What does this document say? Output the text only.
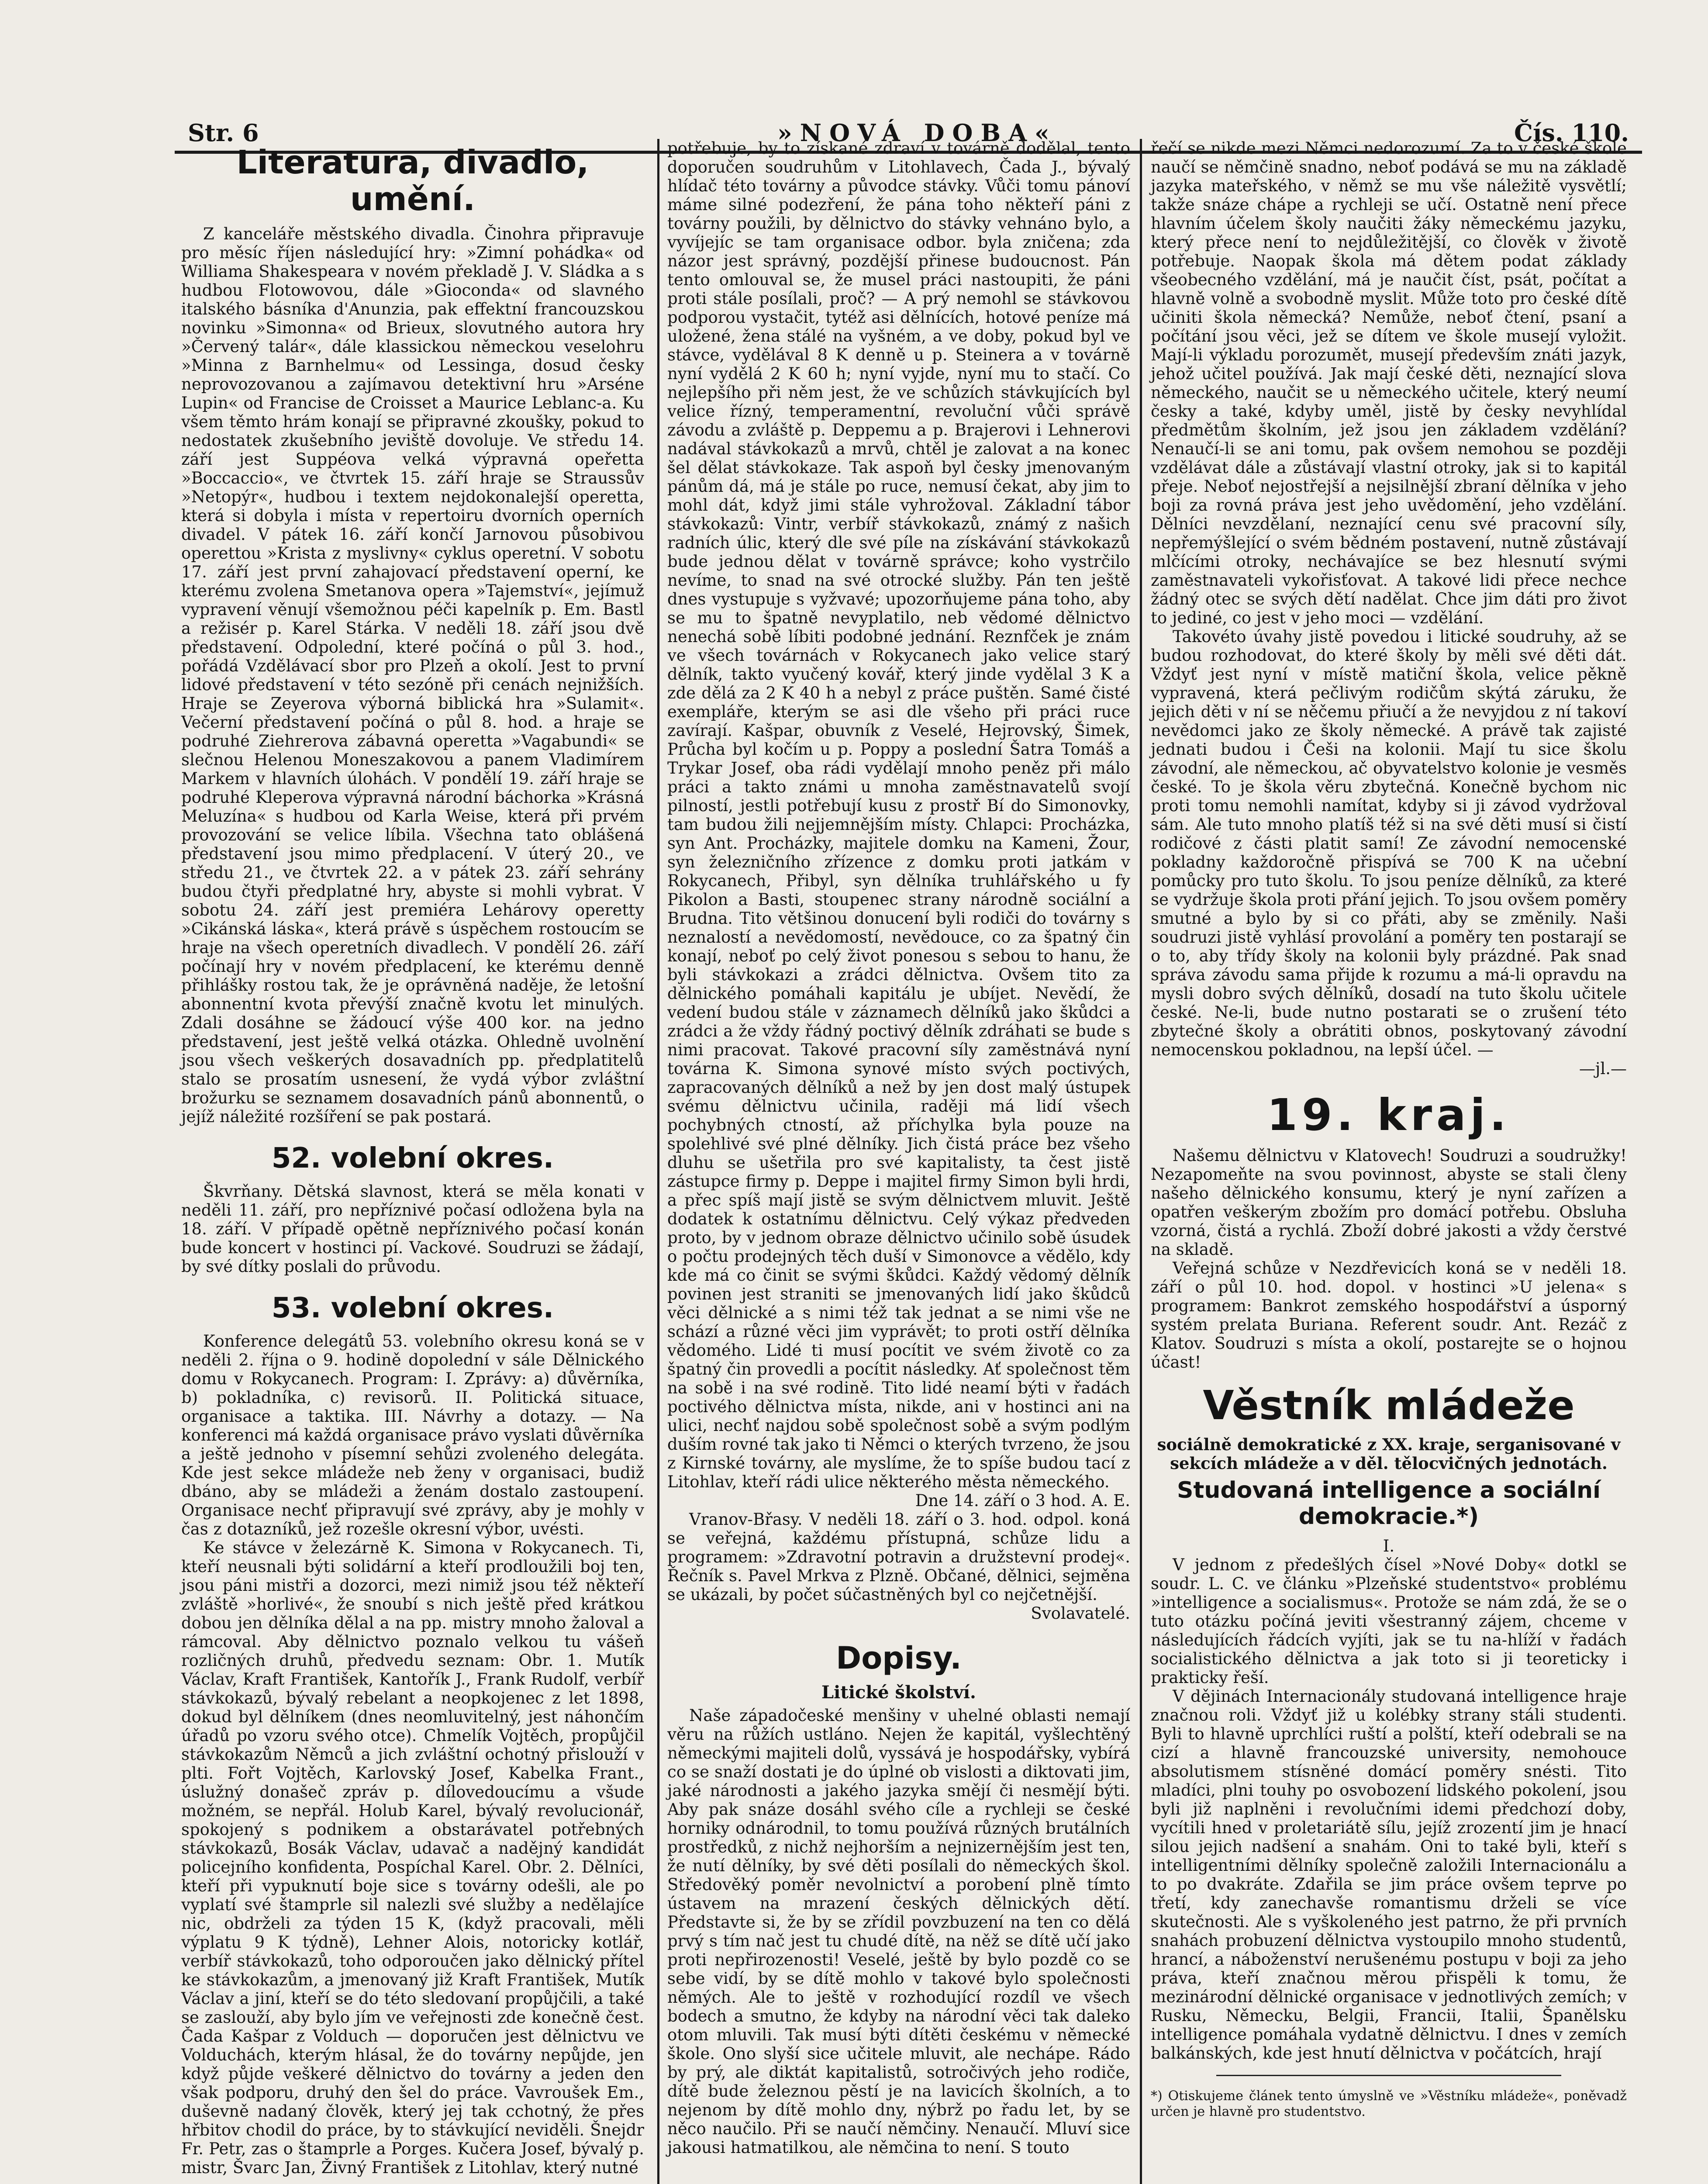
Str. 6	»NOVÁ DOBA«	Čís. 110.
Literatura, divadlo, umění.

Z kanceláře městského divadla. Činohra připravuje pro měsíc říjen následující hry: »Zimní pohádka« od Williama Shakespeara v novém překladě J. V. Sládka a s hudbou Flotowovou, dále »Gioconda« od slavného italského básníka d'Anunzia, pak effektní francouzskou novinku »Simonna« od Brieux, slovutného autora hry »Červený talár«, dále klassickou německou veselohru »Minna z Barnhelmu« od Lessinga, dosud česky neprovozovanou a zajímavou detektivní hru »Arséne Lupin« od Francise de Croisset a Maurice Leblanc-a. Ku všem těmto hrám konají se připravné zkoušky, pokud to nedostatek zkušebního jeviště dovoluje. Ve středu 14. září jest Suppéova velká výpravná opeřetta »Boccaccio«, ve čtvrtek 15. září hraje se Straussův »Netopýr«, hudbou i textem nejdokonalejší operetta, která si dobyla i místa v repertoiru dvorních operních divadel. V pátek 16. září končí Jarnovou působivou operettou »Krista z myslivny« cyklus operetní. V sobotu 17. září jest první zahajovací představení operní, ke kterému zvolena Smetanova opera »Tajemství«, jejímuž vypravení věnují všemožnou péči kapelník p. Em. Bastl a režisér p. Karel Stárka. V neděli 18. září jsou dvě představení. Odpolední, které počíná o půl 3. hod., pořádá Vzdělávací sbor pro Plzeň a okolí. Jest to první lidové představení v této sezóně při cenách nejnižších. Hraje se Zeyerova výborná biblická hra »Sulamit«. Večerní představení počíná o půl 8. hod. a hraje se podruhé Ziehrerova zábavná operetta »Vagabundi« se slečnou Helenou Moneszakovou a panem Vladimírem Markem v hlavních úlohách. V pondělí 19. září hraje se podruhé Kleperova výpravná národní báchorka »Krásná Meluzína« s hudbou od Karla Weise, která při prvém provozování se velice líbila. Všechna tato oblášená představení jsou mimo předplacení. V úterý 20., ve středu 21., ve čtvrtek 22. a v pátek 23. září sehrány budou čtyři předplatné hry, abyste si mohli vybrat. V sobotu 24. září jest premiéra Lehárovy operetty »Cikánská láska«, která právě s úspěchem rostoucím se hraje na všech operetních divadlech. V pondělí 26. září počínají hry v novém předplacení, ke kterému denně přihlášky rostou tak, že je oprávněná naděje, že letošní abonnentní kvota převýší značně kvotu let minulých. Zdali dosáhne se žádoucí výše 400 kor. na jedno představení, jest ještě velká otázka. Ohledně uvolnění jsou všech veškerých dosavadních pp. předplatitelů stalo se prosatím usnesení, že vydá výbor zvláštní brožurku se seznamem dosavadních pánů abonnentů, o jejíž náležité rozšíření se pak postará.

52. volební okres.

Škvrňany. Dětská slavnost, která se měla konati v neděli 11. září, pro nepříznivé počasí odložena byla na 18. září. V případě opětně nepříznivého počasí konán bude koncert v hostinci pí. Vackové. Soudruzi se žádají, by své dítky poslali do průvodu.

53. volební okres.

Konference delegátů 53. volebního okresu koná se v neděli 2. října o 9. hodině dopolední v sále Dělnického domu v Rokycanech. Program: I. Zprávy: a) důvěrníka, b) pokladníka, c) revisorů. II. Politická situace, organisace a taktika. III. Návrhy a dotazy. — Na konferenci má každá organisace právo vyslati důvěrníka a ještě jednoho v písemní sehůzi zvoleného delegáta. Kde jest sekce mládeže neb ženy v organisaci, budiž dbáno, aby se mládeži a ženám dostalo zastoupení. Organisace nechť připravují své zprávy, aby je mohly v čas z dotazníků, jež rozešle okresní výbor, uvésti.

Ke stávce v železárně K. Simona v Rokycanech. Ti, kteří neusnali býti solidární a kteří prodloužili boj ten, jsou páni mistři a dozorci, mezi nimiž jsou též někteří zvláště »horlivé«, že snoubí s nich ještě před krátkou dobou jen dělníka dělal a na pp. mistry mnoho žaloval a rámcoval. Aby dělnictvo poznalo velkou tu vášeň rozličných druhů, předvedu seznam: Obr. 1. Mutík Václav, Kraft František, Kantořík J., Frank Rudolf, verbíř stávkokazů, bývalý rebelant a neopkojenec z let 1898, dokud byl dělníkem (dnes neomluvitelný, jest náhončím úřadů po vzoru svého otce). Chmelík Vojtěch, propůjčil stávkokazům Němců a jich zvláštní ochotný přislouží v plti. Fořt Vojtěch, Karlovský Josef, Kabelka Frant., úslužný donašeč zpráv p. dílovedoucímu a všude možném, se nepřál. Holub Karel, bývalý revolucionář, spokojený s podnikem a obstarávatel potřebných stávkokazů, Bosák Václav, udavač a nadějný kandidát policejního konfidenta, Pospíchal Karel. Obr. 2. Dělníci, kteří při vypuknutí boje sice s továrny odešli, ale po vyplatí své štamprle sil nalezli své služby a nedělajíce nic, obdrželi za týden 15 K, (když pracovali, měli výplatu 9 K týdně), Lehner Alois, notoricky kotlář, verbíř stávkokazů, toho odporoučen jako dělnický přítel ke stávkokazům, a jmenovaný již Kraft František, Mutík Václav a jiní, kteří se do této sledovaní propůjčili, a také se zaslouží, aby bylo jím ve veřejnosti zde konečně čest. Čada Kašpar z Volduch — doporučen jest dělnictvu ve Volduchách, kterým hlásal, že do továrny nepůjde, jen když půjde veškeré dělnictvo do továrny a jeden den však podporu, druhý den šel do práce. Vavroušek Em., duševně nadaný člověk, který jej tak cchotný, že přes hřbitov chodil do práce, by to stávkující neviděli. Šnejdr Fr. Petr, zas o štamprle a Porges. Kučera Josef, bývalý p. mistr, Švarc Jan, Živný František z Litohlav, který nutné

potřebuje, by to získané zdraví v továrně dodělal, tento doporučen soudruhům v Litohlavech, Čada J., bývalý hlídač této továrny a původce stávky. Vůči tomu pánoví máme silné podezření, že pána toho někteří páni z továrny použili, by dělnictvo do stávky vehnáno bylo, a vyvíjejíc se tam organisace odbor. byla zničena; zda názor jest správný, pozdější přinese budoucnost. Pán tento omlouval se, že musel práci nastoupiti, že páni proti stále posílali, proč? — A prý nemohl se stávkovou podporou vystačit, tytéž asi dělnících, hotové peníze má uložené, žena stálé na vyšném, a ve doby, pokud byl ve stávce, vydělával 8 K denně u p. Steinera a v továrně nyní vydělá 2 K 60 h; nyní vyjde, nyní mu to stačí. Co nejlepšího při něm jest, že ve schůzích stávkujících byl velice řízný, temperamentní, revoluční vůči správě závodu a zvláště p. Deppemu a p. Brajerovi i Lehnerovi nadával stávkokazů a mrvů, chtěl je zalovat a na konec šel dělat stávkokaze. Tak aspoň byl česky jmenovaným pánům dá, má je stále po ruce, nemusí čekat, aby jim to mohl dát, když jimi stále vyhrožoval. Základní tábor stávkokazů: Vintr, verbíř stávkokazů, známý z našich radních úlic, který dle své píle na získávání stávkokazů bude jednou dělat v továrně správce; koho vystrčilo nevíme, to snad na své otrocké služby. Pán ten ještě dnes vystupuje s vyžvavé; upozorňujeme pána toho, aby se mu to špatně nevyplatilo, neb vědomé dělnictvo nenechá sobě líbiti podobné jednání. Reznfček je znám ve všech továrnách v Rokycanech jako velice starý dělník, takto vyučený kovář, který jinde vydělal 3 K a zde dělá za 2 K 40 h a nebyl z práce puštěn. Samé čisté exempláře, kterým se asi dle všeho při práci ruce zavírají. Kašpar, obuvník z Veselé, Hejrovský, Šimek, Průcha byl kočím u p. Poppy a poslední Šatra Tomáš a Trykar Josef, oba rádi vydělají mnoho peněz při málo práci a takto známi u mnoha zaměstnavatelů svojí pilností, jestli potřebují kusu z prostř Bí do Simonovky, tam budou žili nejjemnějším místy. Chlapci: Procházka, syn Ant. Procházky, majitele domku na Kameni, Žour, syn železničního zřízence z domku proti jatkám v Rokycanech, Přibyl, syn dělníka truhlářského u fy Pikolon a Basti, stoupenec strany národně sociální a Brudna. Tito většinou donucení byli rodiči do továrny s neznalostí a nevědomostí, nevědouce, co za špatný čin konají, neboť po celý život ponesou s sebou to hanu, že byli stávkokazi a zrádci dělnictva. Ovšem tito za dělnického pomáhali kapitálu je ubíjet. Nevědí, že vedení budou stále v záznamech dělníků jako škůdci a zrádci a že vždy řádný poctivý dělník zdráhati se bude s nimi pracovat. Takové pracovní síly zaměstnává nyní továrna K. Simona synové místo svých poctivých, zapracovaných dělníků a než by jen dost malý ústupek svému dělnictvu učinila, raději má lidí všech pochybných ctností, až příchylka byla pouze na spolehlivé své plné dělníky. Jich čistá práce bez všeho dluhu se ušetřila pro své kapitalisty, ta čest jistě zástupce firmy p. Deppe i majitel firmy Simon byli hrdi, a přec spíš mají jistě se svým dělnictvem mluvit. Ještě dodatek k ostatnímu dělnictvu. Celý výkaz předveden proto, by v jednom obraze dělnictvo učinilo sobě úsudek o počtu prodejných těch duší v Simonovce a vědělo, kdy kde má co činit se svými škůdci. Každý vědomý dělník povinen jest straniti se jmenovaných lidí jako škůdců věci dělnické a s nimi též tak jednat a se nimi vše ne schází a různé věci jim vyprávět; to proti ostří dělníka vědomého. Lidé ti musí pocítit ve svém životě co za špatný čin provedli a pocítit následky. Ať společnost těm na sobě i na své rodině. Tito lidé neamí býti v řadách poctivého dělnictva místa, nikde, ani v hostinci ani na ulici, nechť najdou sobě společnost sobě a svým podlým duším rovné tak jako ti Němci o kterých tvrzeno, že jsou z Kirnské továrny, ale myslíme, že to spíše budou tací z Litohlav, kteří rádi ulice některého města německého.

Dne 14. září o 3 hod. A. E.

Vranov-Břasy. V neděli 18. září o 3. hod. odpol. koná se veřejná, každému přístupná, schůze lidu a programem: »Zdravotní potravin a družstevní prodej«. Řečník s. Pavel Mrkva z Plzně. Občané, dělnici, sejměna se ukázali, by počet súčastněných byl co nejčetnější.

Svolavatelé.

Dopisy.
Litické školství.

Naše západočeské menšiny v uhelné oblasti nemají věru na růžích ustláno. Nejen že kapitál, vyšlechtěný německými majiteli dolů, vyssává je hospodářsky, vybírá co se snaží dostati je do úplné ob vislosti a diktovati jim, jaké národnosti a jakého jazyka smějí či nesmějí býti. Aby pak snáze dosáhl svého cíle a rychleji se české horniky odnárodnil, to tomu používá různých brutálních prostředků, z nichž nejhorším a nejnizernějším jest ten, že nutí dělníky, by své děti posílali do německých škol. Středověký poměr nevolnictví a porobení plně tímto ústavem na mrazení českých dělnických dětí. Představte si, že by se zřídil povzbuzení na ten co dělá prvý s tím nač jest tu chudé dítě, na něž se dítě učí jako proti nepřirozenosti! Veselé, ještě by bylo pozdě co se sebe vidí, by se dítě mohlo v takové bylo společnosti němých. Ale to ještě v rozhodující rozdíl ve všech bodech a smutno, že kdyby na národní věci tak daleko otom mluvili. Tak musí býti dítěti českému v německé škole. Ono slyší sice učitele mluvit, ale nechápe. Rádo by prý, ale diktát kapitalistů, sotročivých jeho rodiče, dítě bude železnou pěstí je na lavicích školních, a to nejenom by dítě mohlo dny, nýbrž po řadu let, by se něco naučilo. Při se naučí němčiny. Nenaučí. Mluví sice jakousi hatmatilkou, ale němčina to není. S touto

řečí se nikde mezi Němci nedorozumí. Za to v české škole naučí se němčině snadno, neboť podává se mu na základě jazyka mateřského, v němž se mu vše náležitě vysvětlí; takže snáze chápe a rychleji se učí. Ostatně není přece hlavním účelem školy naučiti žáky německému jazyku, který přece není to nejdůležitější, co člověk v životě potřebuje. Naopak škola má dětem podat základy všeobecného vzdělání, má je naučit číst, psát, počítat a hlavně volně a svobodně myslit. Může toto pro české dítě učiniti škola německá? Nemůže, neboť čtení, psaní a počítání jsou věci, jež se dítem ve škole musejí vyložit. Mají-li výkladu porozumět, musejí především znáti jazyk, jehož učitel používá. Jak mají české děti, neznající slova německého, naučit se u německého učitele, který neumí česky a také, kdyby uměl, jistě by česky nevyhlídal předmětům školním, jež jsou jen základem vzdělání? Nenaučí-li se ani tomu, pak ovšem nemohou se později vzdělávat dále a zůstávají vlastní otroky, jak si to kapitál přeje. Neboť nejostřejší a nejsilnější zbraní dělníka v jeho boji za rovná práva jest jeho uvědomění, jeho vzdělání. Dělníci nevzdělaní, neznající cenu své pracovní síly, nepřemýšlející o svém bědném postavení, nutně zůstávají mlčícími otroky, nechávajíce se bez hlesnutí svými zaměstnavateli vykořisťovat. A takové lidi přece nechce žádný otec se svých dětí nadělat. Chce jim dáti pro život to jediné, co jest v jeho moci — vzdělání.

Takovéto úvahy jistě povedou i litické soudruhy, až se budou rozhodovat, do které školy by měli své děti dát. Vždyť jest nyní v místě matiční škola, velice pěkně vypravená, která pečlivým rodičům skýtá záruku, že jejich děti v ní se něčemu přiučí a že nevyjdou z ní takoví nevědomci jako ze školy německé. A právě tak zajisté jednati budou i Češi na kolonii. Mají tu sice školu závodní, ale německou, ač obyvatelstvo kolonie je vesměs české. To je škola věru zbytečná. Konečně bychom nic proti tomu nemohli namítat, kdyby si ji závod vydržoval sám. Ale tuto mnoho platíš též si na své děti musí si čistí rodičové z části platit samí! Ze závodní nemocenské pokladny každoročně přispívá se 700 K na učební pomůcky pro tuto školu. To jsou peníze dělníků, za které se vydržuje škola proti přání jejich. To jsou ovšem poměry smutné a bylo by si co přáti, aby se změnily. Naši soudruzi jistě vyhlásí provolání a poměry ten postarají se o to, aby třídy školy na kolonii byly prázdné. Pak snad správa závodu sama přijde k rozumu a má-li opravdu na mysli dobro svých dělníků, dosadí na tuto školu učitele české. Ne-li, bude nutno postarati se o zrušení této zbytečné školy a obrátiti obnos, poskytovaný závodní nemocenskou pokladnou, na lepší účel. —

—jl.—

19. kraj.

Našemu dělnictvu v Klatovech! Soudruzi a soudružky! Nezapomeňte na svou povinnost, abyste se stali členy našeho dělnického konsumu, který je nyní zařízen a opatřen veškerým zbožím pro domácí potřebu. Obsluha vzorná, čistá a rychlá. Zboží dobré jakosti a vždy čerstvé na skladě.

Veřejná schůze v Nezdřevicích koná se v neděli 18. září o půl 10. hod. dopol. v hostinci »U jelena« s programem: Bankrot zemského hospodářství a úsporný systém prelata Buriana. Referent soudr. Ant. Rezáč z Klatov. Soudruzi s místa a okolí, postarejte se o hojnou účast!

Věstník mládeže

sociálně demokratické z XX. kraje, serganisované v sekcích mládeže a v děl. tělocvičných jednotách.

Studovaná intelligence a sociální demokracie.*)

I.

V jednom z předešlých čísel »Nové Doby« dotkl se soudr. L. C. ve článku »Plzeňské studentstvo« problému »intelligence a socialismus«. Protože se nám zdá, že se o tuto otázku počíná jeviti všestranný zájem, chceme v následujících řádcích vyjíti, jak se tu na-hlíží v řadách socialistického dělnictva a jak toto si ji teoreticky i prakticky řeší.

V dějinách Internacionály studovaná intelligence hraje značnou roli. Vždyť již u kolébky strany stáli studenti. Byli to hlavně uprchlíci ruští a polští, kteří odebrali se na cizí a hlavně francouzské university, nemohouce absolutismem stísněné domácí poměry snésti. Tito mladíci, plni touhy po osvobození lidského pokolení, jsou byli již naplněni i revolučními idemi předchozí doby, vycítili hned v proletariátě sílu, jejíž zrozentí jim je hnací silou jejich nadšení a snahám. Oni to také byli, kteří s intelligentními dělníky společně založili Internacionálu a to po dvakráte. Zdařila se jim práce ovšem teprve po třetí, kdy zanechavše romantismu drželi se více skutečnosti. Ale s vyškoleného jest patrno, že při prvních snahách probuzení dělnictva vystoupilo mnoho studentů, hrancí, a náboženství nerušenému postupu v boji za jeho práva, kteří značnou měrou přispěli k tomu, že mezinárodní dělnické organisace v jednotlivých zemích; v Rusku, Německu, Belgii, Francii, Italii, Španělsku intelligence pomáhala vydatně dělnictvu. I dnes v zemích balkánských, kde jest hnutí dělnictva v počátcích, hrají

*) Otiskujeme článek tento úmyslně ve »Věstníku mládeže«, poněvadž určen je hlavně pro studentstvo.
